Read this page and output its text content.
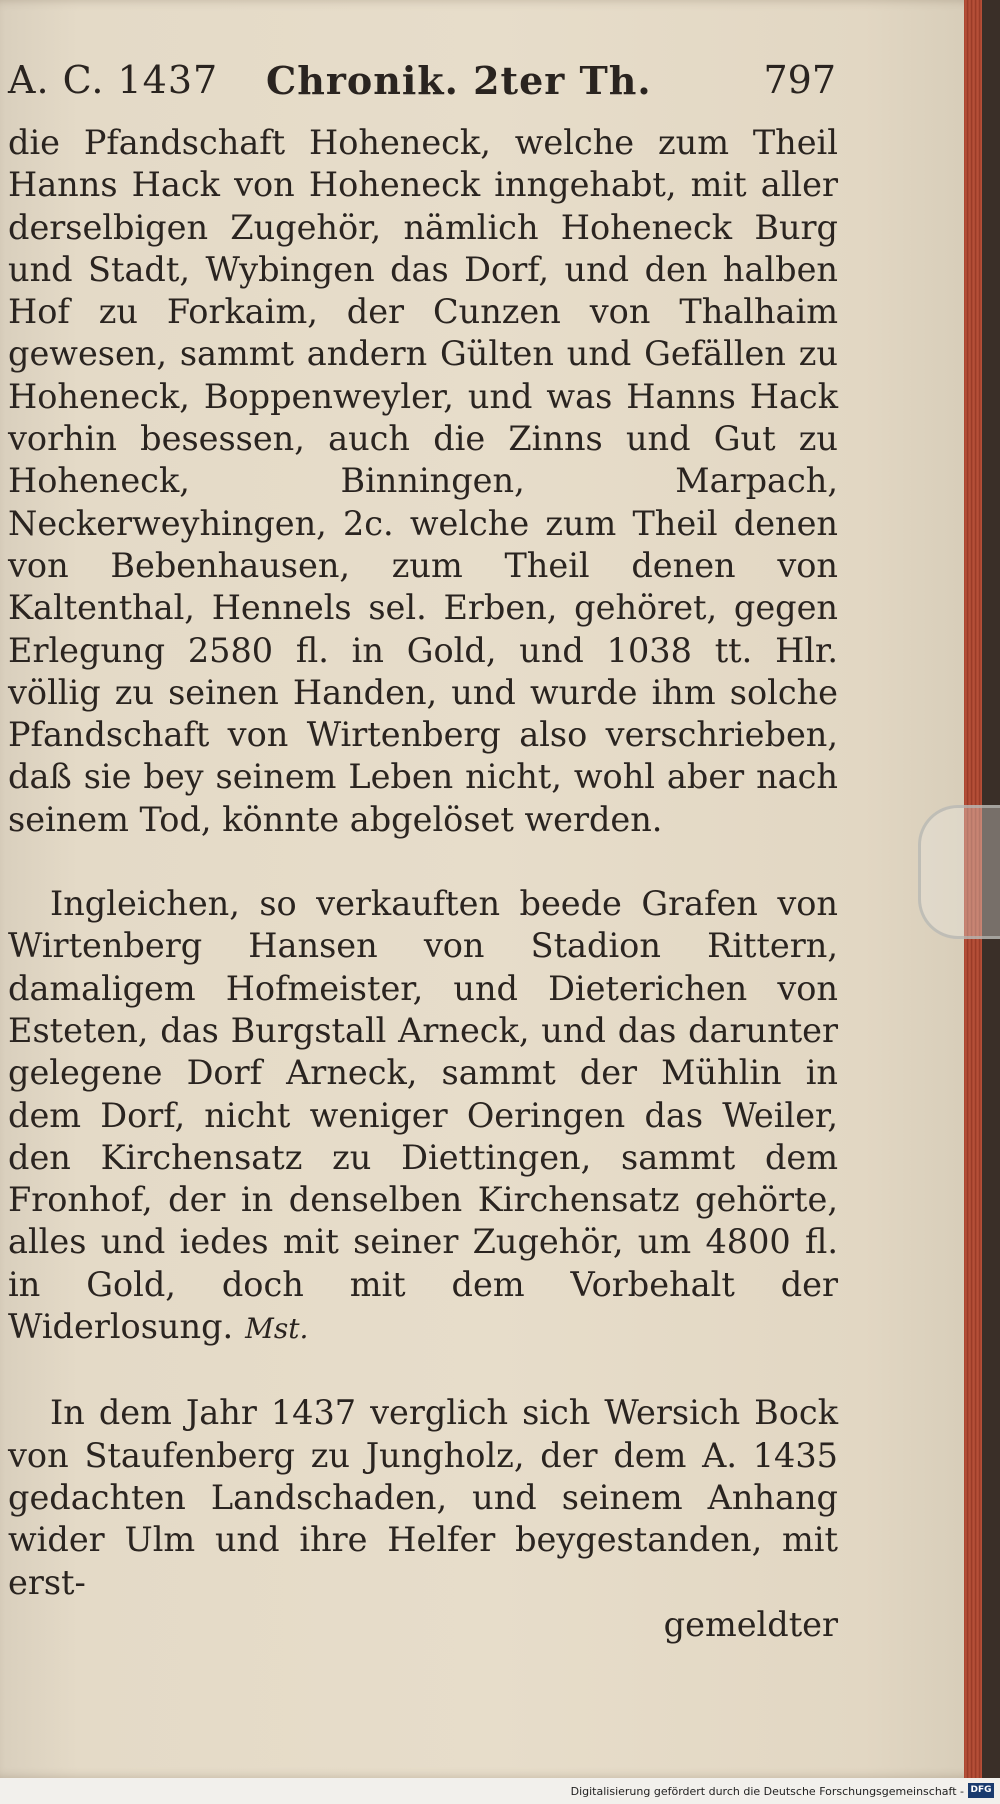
A. C. 1437 Chronik. 2ter Th.	797

die Pfandschaft Hoheneck, welche zum Theil Hanns Hack von Hoheneck inngehabt, mit aller derselbigen Zugehör, nämlich Hoheneck Burg und Stadt, Wybingen das Dorf, und den halben Hof zu Forkaim, der Cunzen von Thalhaim gewesen, sammt andern Gülten und Gefällen zu Hoheneck, Boppenweyler, und was Hanns Hack vorhin besessen, auch die Zinns und Gut zu Hoheneck, Binningen, Marpach, Neckerweyhingen, 2c. welche zum Theil denen von Bebenhausen, zum Theil denen von Kaltenthal, Hennels sel. Erben, gehöret, gegen Erlegung 2580 fl. in Gold, und 1038 tt. Hlr. völlig zu seinen Handen, und wurde ihm solche Pfandschaft von Wirtenberg also verschrieben, daß sie bey seinem Leben nicht, wohl aber nach seinem Tod, könnte abgelöset werden.

Ingleichen, so verkauften beede Grafen von Wirtenberg Hansen von Stadion Rittern, damaligem Hofmeister, und Dieterichen von Esteten, das Burgstall Arneck, und das darunter gelegene Dorf Arneck, sammt der Mühlin in dem Dorf, nicht weniger Oeringen das Weiler, den Kirchensatz zu Diettingen, sammt dem Fronhof, der in denselben Kirchensatz gehörte, alles und iedes mit seiner Zugehör, um 4800 fl. in Gold, doch mit dem Vorbehalt der Widerlosung. Mst.

In dem Jahr 1437 verglich sich Wersich Bock von Staufenberg zu Jungholz, der dem A. 1435 gedachten Landschaden, und seinem Anhang wider Ulm und ihre Helfer beygestanden, mit erst-

gemeldter
Digitalisierung gefördert durch die Deutsche Forschungsgemeinschaft - DFG
